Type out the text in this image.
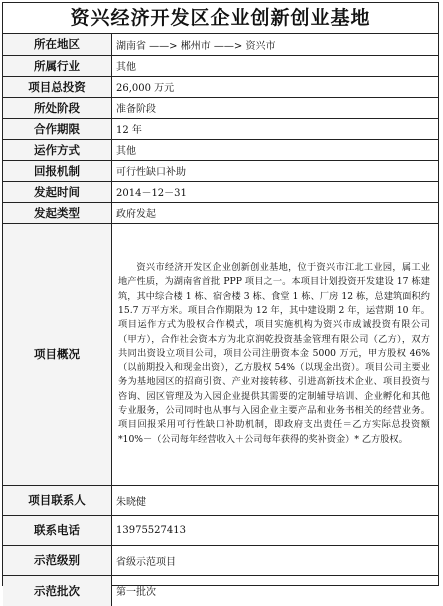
资兴经济开发区企业创新创业基地
所在地区	湖南省 ——> 郴州市 ——> 资兴市
所属行业	其他
项目总投资	26,000 万元
所处阶段	准备阶段
合作期限	12 年
运作方式	其他
回报机制	可行性缺口补助
发起时间	2014－12－31
发起类型	政府发起
项目概况	资兴市经济开发区企业创新创业基地，位于资兴市江北工业园，属工业地产性质，为湖南省首批 PPP 项目之一。本项目计划投资开发建设 17 栋建筑，其中综合楼 1 栋、宿舍楼 3 栋、食堂 1 栋、厂房 12 栋，总建筑面积约 15.7 万平方米。项目合作期限为 12 年，其中建设期 2 年，运营期 10 年。项目运作方式为股权合作模式，项目实施机构为资兴市成诚投资有限公司（甲方），合作社会资本方为北京润乾投资基金管理有限公司（乙方），双方共同出资设立项目公司，项目公司注册资本金 5000 万元，甲方股权 46%（以前期投入和现金出资），乙方股权 54%（以现金出资）。项目公司主要业务为基地园区的招商引资、产业对接转移、引进高新技术企业、项目投资与咨询、园区管理及为入园企业提供其需要的定制辅导培训、企业孵化和其他专业服务，公司同时也从事与入园企业主要产品和业务书相关的经营业务。项目回报采用可行性缺口补助机制，即政府支出责任＝乙方实际总投资额 *10%－（公司每年经营收入＋公司每年获得的奖补资金）* 乙方股权。
项目联系人	朱晓健
联系电话	13975527413
示范级别	省级示范项目
示范批次	第一批次
